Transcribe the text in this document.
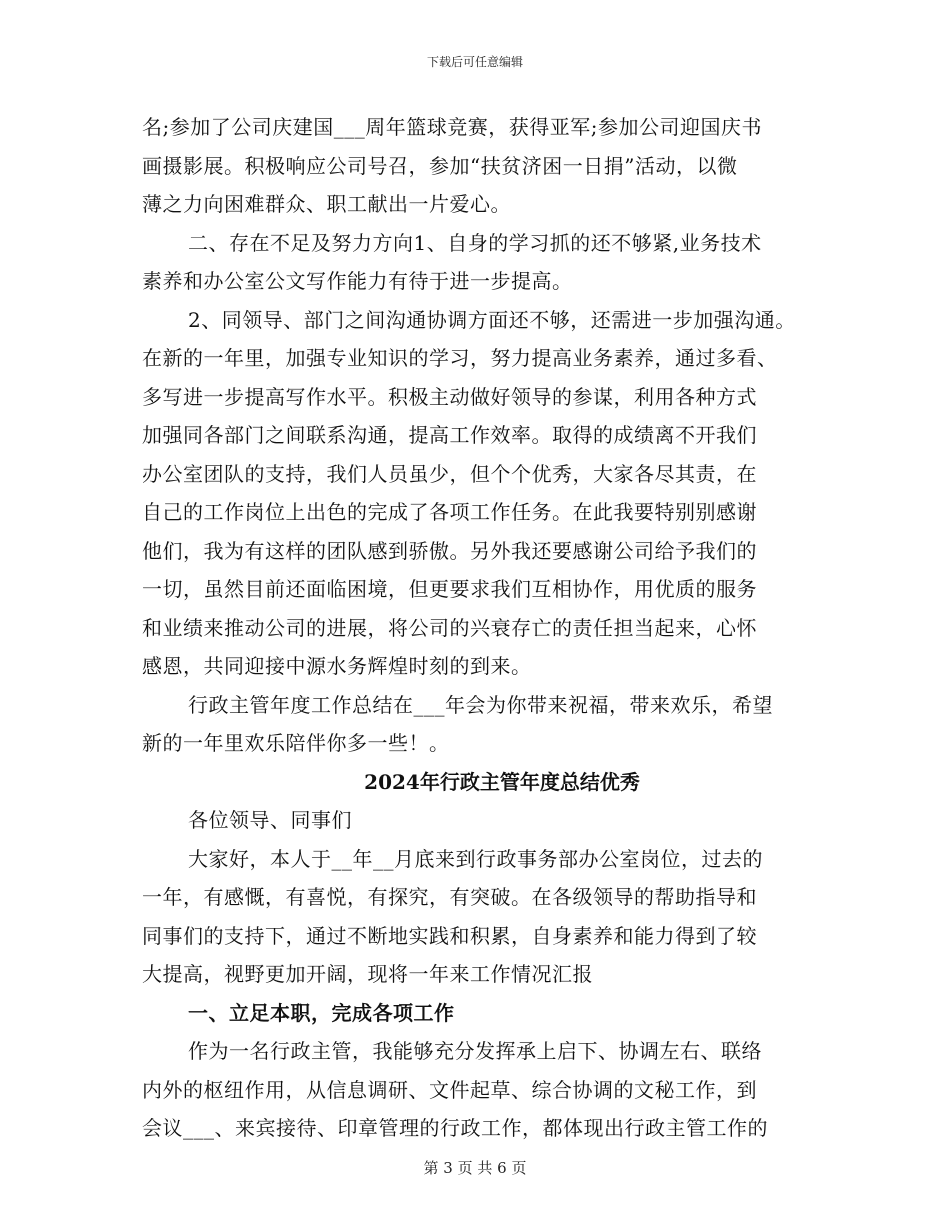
下载后可任意编辑
名;参加了公司庆建国___周年篮球竞赛，获得亚军;参加公司迎国庆书
画摄影展。积极响应公司号召，参加“扶贫济困一日捐”活动，以微
薄之力向困难群众、职工献出一片爱心。
二、存在不足及努力方向1、自身的学习抓的还不够紧,业务技术
素养和办公室公文写作能力有待于进一步提高。
2、同领导、部门之间沟通协调方面还不够，还需进一步加强沟通。
在新的一年里，加强专业知识的学习，努力提高业务素养，通过多看、
多写进一步提高写作水平。积极主动做好领导的参谋，利用各种方式
加强同各部门之间联系沟通，提高工作效率。取得的成绩离不开我们
办公室团队的支持，我们人员虽少，但个个优秀，大家各尽其责，在
自己的工作岗位上出色的完成了各项工作任务。在此我要特别别感谢
他们，我为有这样的团队感到骄傲。另外我还要感谢公司给予我们的
一切，虽然目前还面临困境，但更要求我们互相协作，用优质的服务
和业绩来推动公司的进展，将公司的兴衰存亡的责任担当起来，心怀
感恩，共同迎接中源水务辉煌时刻的到来。
行政主管年度工作总结在___年会为你带来祝福，带来欢乐，希望
新的一年里欢乐陪伴你多一些！。
2024年行政主管年度总结优秀
各位领导、同事们
大家好，本人于__年__月底来到行政事务部办公室岗位，过去的
一年，有感慨，有喜悦，有探究，有突破。在各级领导的帮助指导和
同事们的支持下，通过不断地实践和积累，自身素养和能力得到了较
大提高，视野更加开阔，现将一年来工作情况汇报
一、立足本职，完成各项工作
作为一名行政主管，我能够充分发挥承上启下、协调左右、联络
内外的枢纽作用，从信息调研、文件起草、综合协调的文秘工作，到
会议___、来宾接待、印章管理的行政工作，都体现出行政主管工作的
第 3 页 共 6 页
